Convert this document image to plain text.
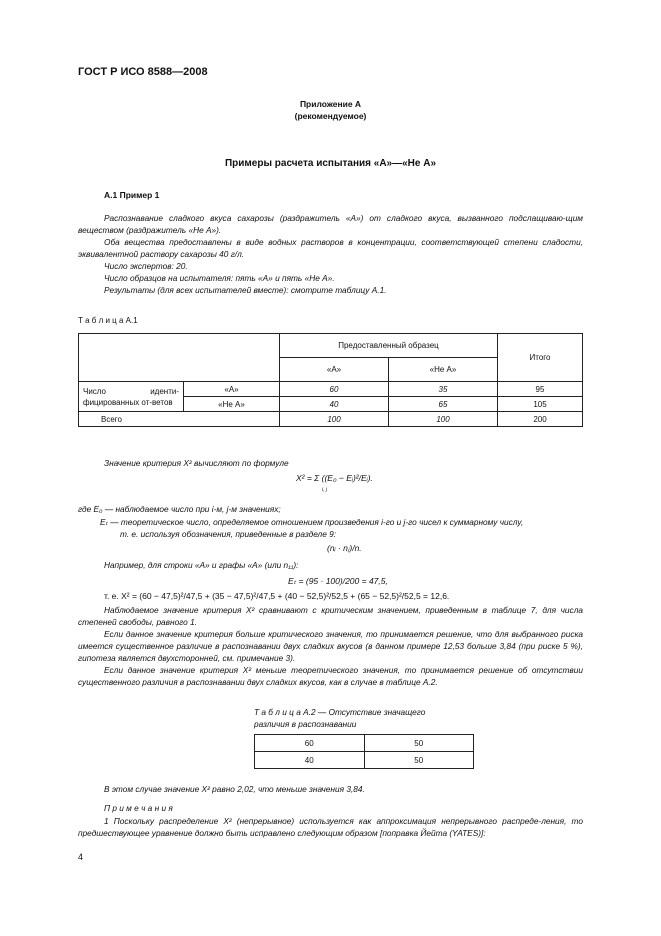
ГОСТ Р ИСО 8588—2008
Приложение А
(рекомендуемое)
Примеры расчета испытания «А»—«Не А»
А.1 Пример 1
Распознавание сладкого вкуса сахарозы (раздражитель «А») от сладкого вкуса, вызванного подслащиваю-щим веществом (раздражитель «Не А»).
Оба вещества предоставлены в виде водных растворов в концентрации, соответствующей степени сладости, эквивалентной раствору сахарозы 40 г/л.
Число экспертов: 20.
Число образцов на испытателя: пять «А» и пять «Не А».
Результаты (для всех испытателей вместе): смотрите таблицу А.1.
Т а б л и ц а А.1
		Предоставленный образец		Итого
		«А»	«Не А»	
Число иденти-фицированных от-ветов	«А»	60	35	95
	«Не А»	40	65	105
Всего		100	100	200
Значение критерия X² вычисляют по формуле
X² = Σ ((E₀ − Eᵢ)²/Eᵢ).
i, j
где E₀ — наблюдаемое число при i-м, j-м значениях;
Eₜ — теоретическое число, определяемое отношением произведения i-го и j-го чисел к суммарному числу,
т. е. используя обозначения, приведенные в разделе 9:
(nᵢ · nⱼ)/n.
Например, для строки «А» и графы «А» (или n₁₁):
Eₜ = (95 · 100)/200 = 47,5,
т. е. X² = (60 − 47,5)²/47,5 + (35 − 47,5)²/47,5 + (40 − 52,5)²/52,5 + (65 − 52,5)²/52,5 = 12,6.
Наблюдаемое значение критерия X² сравнивают с критическим значением, приведенным в таблице 7, для числа степеней свободы, равного 1.
Если данное значение критерия больше критического значения, то принимается решение, что для выбранного риска имеется существенное различие в распознавании двух сладких вкусов (в данном примере 12,53 больше 3,84 (при риске 5 %), гипотеза является двухсторонней, см. примечание 3).
Если данное значение критерия X² меньше теоретического значения, то принимается решение об отсутствии существенного различия в распознавании двух сладких вкусов, как в случае в таблице А.2.
Т а б л и ц а А.2 — Отсутствие значащего
различия в распознавании
60	50
40	50
В этом случае значение X² равно 2,02, что меньше значения 3,84.
П р и м е ч а н и я
1 Поскольку распределение X² (непрерывное) используется как аппроксимация непрерывного распреде-ления, то предшествующее уравнение должно быть исправлено следующим образом [поправка Йейта (YATES)]:
4
